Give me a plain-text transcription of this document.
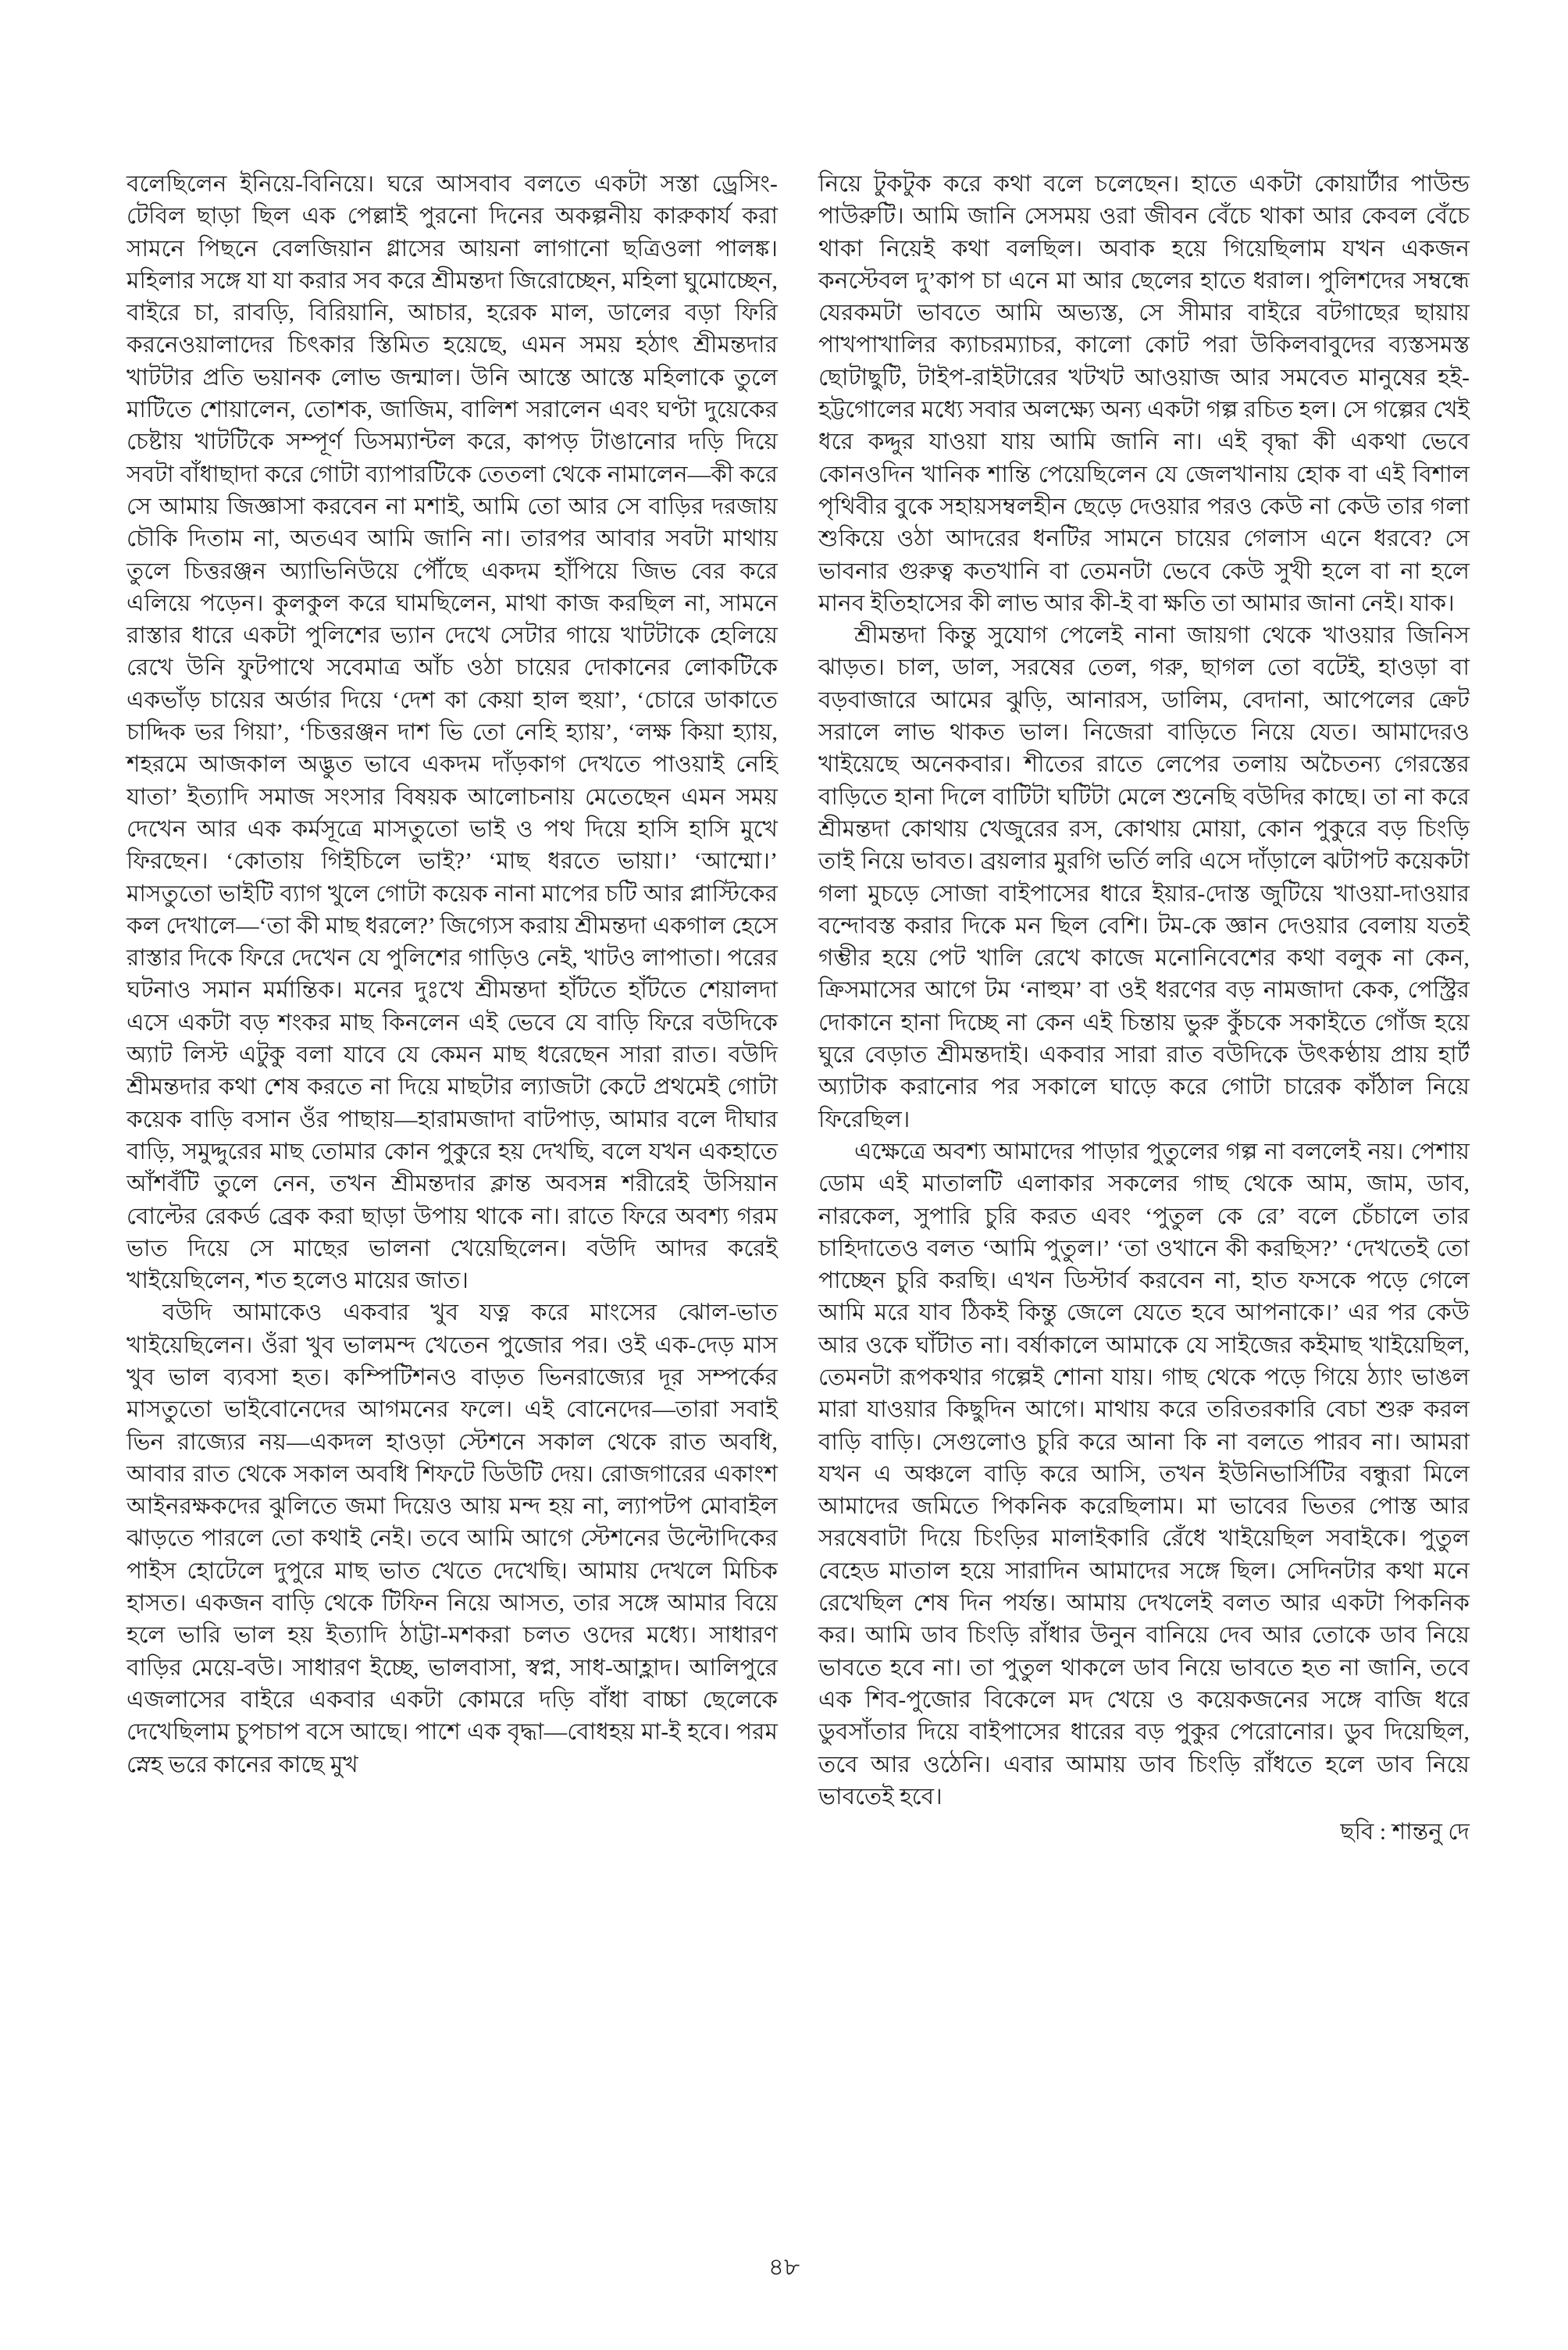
বলেছিলেন ইনিয়ে-বিনিয়ে। ঘরে আসবাব বলতে একটা সস্তা ড্রেসিং-টেবিল ছাড়া ছিল এক পেল্লাই পুরনো দিনের অকল্পনীয় কারুকার্য করা সামনে পিছনে বেলজিয়ান গ্লাসের আয়না লাগানো ছত্রিওলা পালঙ্ক। মহিলার সঙ্গে যা যা করার সব করে শ্রীমন্তদা জিরোচ্ছেন, মহিলা ঘুমোচ্ছেন, বাইরে চা, রাবড়ি, বিরিয়ানি, আচার, হরেক মাল, ডালের বড়া ফিরি করনেওয়ালাদের চিৎকার স্তিমিত হয়েছে, এমন সময় হঠাৎ শ্রীমন্তদার খাটটার প্রতি ভয়ানক লোভ জন্মাল। উনি আস্তে আস্তে মহিলাকে তুলে মাটিতে শোয়ালেন, তোশক, জাজিম, বালিশ সরালেন এবং ঘণ্টা দুয়েকের চেষ্টায় খাটটিকে সম্পূর্ণ ডিসম্যান্টল করে, কাপড় টাঙানোর দড়ি দিয়ে সবটা বাঁধাছাদা করে গোটা ব্যাপারটিকে তেতলা থেকে নামালেন—কী করে সে আমায় জিজ্ঞাসা করবেন না মশাই, আমি তো আর সে বাড়ির দরজায় চৌকি দিতাম না, অতএব আমি জানি না। তারপর আবার সবটা মাথায় তুলে চিত্তরঞ্জন অ্যাভিনিউয়ে পৌঁছে একদম হাঁপিয়ে জিভ বের করে এলিয়ে পড়েন। কুলকুল করে ঘামছিলেন, মাথা কাজ করছিল না, সামনে রাস্তার ধারে একটা পুলিশের ভ্যান দেখে সেটার গায়ে খাটটাকে হেলিয়ে রেখে উনি ফুটপাথে সবেমাত্র আঁচ ওঠা চায়ের দোকানের লোকটিকে একভাঁড় চায়ের অর্ডার দিয়ে ‘দেশ কা কেয়া হাল হুয়া’, ‘চোরে ডাকাতে চাদ্দিক ভর গিয়া’, ‘চিত্তরঞ্জন দাশ ভি তো নেহি হ্যায়’, ‘লক্ষ কিয়া হ্যায়, শহরমে আজকাল অদ্ভুত ভাবে একদম দাঁড়কাগ দেখতে পাওয়াই নেহি যাতা’ ইত্যাদি সমাজ সংসার বিষয়ক আলোচনায় মেতেছেন এমন সময় দেখেন আর এক কর্মসূত্রে মাসতুতো ভাই ও পথ দিয়ে হাসি হাসি মুখে ফিরছেন। ‘কোতায় গিইচিলে ভাই?’ ‘মাছ ধরতে ভায়া।’ ‘আম্মো।’ মাসতুতো ভাইটি ব্যাগ খুলে গোটা কয়েক নানা মাপের চটি আর প্লাস্টিকের কল দেখালে—‘তা কী মাছ ধরলে?’ জিগ্যেস করায় শ্রীমন্তদা একগাল হেসে রাস্তার দিকে ফিরে দেখেন যে পুলিশের গাড়িও নেই, খাটও লাপাতা। পরের ঘটনাও সমান মর্মান্তিক। মনের দুঃখে শ্রীমন্তদা হাঁটতে হাঁটতে শেয়ালদা এসে একটা বড় শংকর মাছ কিনলেন এই ভেবে যে বাড়ি ফিরে বউদিকে অ্যাট লিস্ট এটুকু বলা যাবে যে কেমন মাছ ধরেছেন সারা রাত। বউদি শ্রীমন্তদার কথা শেষ করতে না দিয়ে মাছটার ল্যাজটা কেটে প্রথমেই গোটা কয়েক বাড়ি বসান ওঁর পাছায়—হারামজাদা বাটপাড়, আমার বলে দীঘার বাড়ি, সমুদ্দুরের মাছ তোমার কোন পুকুরে হয় দেখছি, বলে যখন একহাতে আঁশবঁটি তুলে নেন, তখন শ্রীমন্তদার ক্লান্ত অবসন্ন শরীরেই উসিয়ান বোল্টের রেকর্ড ব্রেক করা ছাড়া উপায় থাকে না। রাতে ফিরে অবশ্য গরম ভাত দিয়ে সে মাছের ভালনা খেয়েছিলেন। বউদি আদর করেই খাইয়েছিলেন, শত হলেও মায়ের জাত।

বউদি আমাকেও একবার খুব যত্ন করে মাংসের ঝোল-ভাত খাইয়েছিলেন। ওঁরা খুব ভালমন্দ খেতেন পুজোর পর। ওই এক-দেড় মাস খুব ভাল ব্যবসা হত। কম্পিটিশনও বাড়ত ভিনরাজ্যের দূর সম্পর্কের মাসতুতো ভাইবোনেদের আগমনের ফলে। এই বোনেদের—তারা সবাই ভিন রাজ্যের নয়—একদল হাওড়া স্টেশনে সকাল থেকে রাত অবধি, আবার রাত থেকে সকাল অবধি শিফটে ডিউটি দেয়। রোজগারের একাংশ আইনরক্ষকদের ঝুলিতে জমা দিয়েও আয় মন্দ হয় না, ল্যাপটপ মোবাইল ঝাড়তে পারলে তো কথাই নেই। তবে আমি আগে স্টেশনের উল্টোদিকের পাইস হোটেলে দুপুরে মাছ ভাত খেতে দেখেছি। আমায় দেখলে মিচিক হাসত। একজন বাড়ি থেকে টিফিন নিয়ে আসত, তার সঙ্গে আমার বিয়ে হলে ভারি ভাল হয় ইত্যাদি ঠাট্টা-মশকরা চলত ওদের মধ্যে। সাধারণ বাড়ির মেয়ে-বউ। সাধারণ ইচ্ছে, ভালবাসা, স্বপ্ন, সাধ-আহ্লাদ। আলিপুরে এজলাসের বাইরে একবার একটা কোমরে দড়ি বাঁধা বাচ্চা ছেলেকে দেখেছিলাম চুপচাপ বসে আছে। পাশে এক বৃদ্ধা—বোধহয় মা-ই হবে। পরম স্নেহ ভরে কানের কাছে মুখ

নিয়ে টুকটুক করে কথা বলে চলেছেন। হাতে একটা কোয়ার্টার পাউন্ড পাউরুটি। আমি জানি সেসময় ওরা জীবন বেঁচে থাকা আর কেবল বেঁচে থাকা নিয়েই কথা বলছিল। অবাক হয়ে গিয়েছিলাম যখন একজন কনস্টেবল দু’কাপ চা এনে মা আর ছেলের হাতে ধরাল। পুলিশদের সম্বন্ধে যেরকমটা ভাবতে আমি অভ্যস্ত, সে সীমার বাইরে বটগাছের ছায়ায় পাখপাখালির ক্যাচরম্যাচর, কালো কোট পরা উকিলবাবুদের ব্যস্তসমস্ত ছোটাছুটি, টাইপ-রাইটারের খটখট আওয়াজ আর সমবেত মানুষের হই-হট্টগোলের মধ্যে সবার অলক্ষ্যে অন্য একটা গল্প রচিত হল। সে গল্পের খেই ধরে কদ্দুর যাওয়া যায় আমি জানি না। এই বৃদ্ধা কী একথা ভেবে কোনওদিন খানিক শান্তি পেয়েছিলেন যে জেলখানায় হোক বা এই বিশাল পৃথিবীর বুকে সহায়সম্বলহীন ছেড়ে দেওয়ার পরও কেউ না কেউ তার গলা শুকিয়ে ওঠা আদরের ধনটির সামনে চায়ের গেলাস এনে ধরবে? সে ভাবনার গুরুত্ব কতখানি বা তেমনটা ভেবে কেউ সুখী হলে বা না হলে মানব ইতিহাসের কী লাভ আর কী-ই বা ক্ষতি তা আমার জানা নেই। যাক।

শ্রীমন্তদা কিন্তু সুযোগ পেলেই নানা জায়গা থেকে খাওয়ার জিনিস ঝাড়ত। চাল, ডাল, সরষের তেল, গরু, ছাগল তো বটেই, হাওড়া বা বড়বাজারে আমের ঝুড়ি, আনারস, ডালিম, বেদানা, আপেলের ক্রেট সরালে লাভ থাকত ভাল। নিজেরা বাড়িতে নিয়ে যেত। আমাদেরও খাইয়েছে অনেকবার। শীতের রাতে লেপের তলায় অচৈতন্য গেরস্তের বাড়িতে হানা দিলে বাটিটা ঘটিটা মেলে শুনেছি বউদির কাছে। তা না করে শ্রীমন্তদা কোথায় খেজুরের রস, কোথায় মোয়া, কোন পুকুরে বড় চিংড়ি তাই নিয়ে ভাবত। ব্রয়লার মুরগি ভর্তি লরি এসে দাঁড়ালে ঝটাপট কয়েকটা গলা মুচড়ে সোজা বাইপাসের ধারে ইয়ার-দোস্ত জুটিয়ে খাওয়া-দাওয়ার বন্দোবস্ত করার দিকে মন ছিল বেশি। টম-কে জ্ঞান দেওয়ার বেলায় যতই গম্ভীর হয়ে পেট খালি রেখে কাজে মনোনিবেশের কথা বলুক না কেন, ক্রিসমাসের আগে টম ‘নাহুম’ বা ওই ধরণের বড় নামজাদা কেক, পেস্ট্রির দোকানে হানা দিচ্ছে না কেন এই চিন্তায় ভুরু কুঁচকে সকাইতে গোঁজ হয়ে ঘুরে বেড়াত শ্রীমন্তদাই। একবার সারা রাত বউদিকে উৎকণ্ঠায় প্রায় হার্ট অ্যাটাক করানোর পর সকালে ঘাড়ে করে গোটা চারেক কাঁঠাল নিয়ে ফিরেছিল।

এক্ষেত্রে অবশ্য আমাদের পাড়ার পুতুলের গল্প না বললেই নয়। পেশায় ডোম এই মাতালটি এলাকার সকলের গাছ থেকে আম, জাম, ডাব, নারকেল, সুপারি চুরি করত এবং ‘পুতুল কে রে’ বলে চেঁচালে তার চাহিদাতেও বলত ‘আমি পুতুল।’ ‘তা ওখানে কী করছিস?’ ‘দেখতেই তো পাচ্ছেন চুরি করছি। এখন ডিস্টার্ব করবেন না, হাত ফসকে পড়ে গেলে আমি মরে যাব ঠিকই কিন্তু জেলে যেতে হবে আপনাকে।’ এর পর কেউ আর ওকে ঘাঁটাত না। বর্ষাকালে আমাকে যে সাইজের কইমাছ খাইয়েছিল, তেমনটা রূপকথার গল্পেই শোনা যায়। গাছ থেকে পড়ে গিয়ে ঠ্যাং ভাঙল মারা যাওয়ার কিছুদিন আগে। মাথায় করে তরিতরকারি বেচা শুরু করল বাড়ি বাড়ি। সেগুলোও চুরি করে আনা কি না বলতে পারব না। আমরা যখন এ অঞ্চলে বাড়ি করে আসি, তখন ইউনিভার্সিটির বন্ধুরা মিলে আমাদের জমিতে পিকনিক করেছিলাম। মা ভাবের ভিতর পোস্ত আর সরষেবাটা দিয়ে চিংড়ির মালাইকারি রেঁধে খাইয়েছিল সবাইকে। পুতুল বেহেড মাতাল হয়ে সারাদিন আমাদের সঙ্গে ছিল। সেদিনটার কথা মনে রেখেছিল শেষ দিন পর্যন্ত। আমায় দেখলেই বলত আর একটা পিকনিক কর। আমি ডাব চিংড়ি রাঁধার উনুন বানিয়ে দেব আর তোকে ডাব নিয়ে ভাবতে হবে না। তা পুতুল থাকলে ডাব নিয়ে ভাবতে হত না জানি, তবে এক শিব-পুজোর বিকেলে মদ খেয়ে ও কয়েকজনের সঙ্গে বাজি ধরে ডুবসাঁতার দিয়ে বাইপাসের ধারের বড় পুকুর পেরোনোর। ডুব দিয়েছিল, তবে আর ওঠেনি। এবার আমায় ডাব চিংড়ি রাঁধতে হলে ডাব নিয়ে ভাবতেই হবে।

ছবি : শান্তনু দে

৪৮
